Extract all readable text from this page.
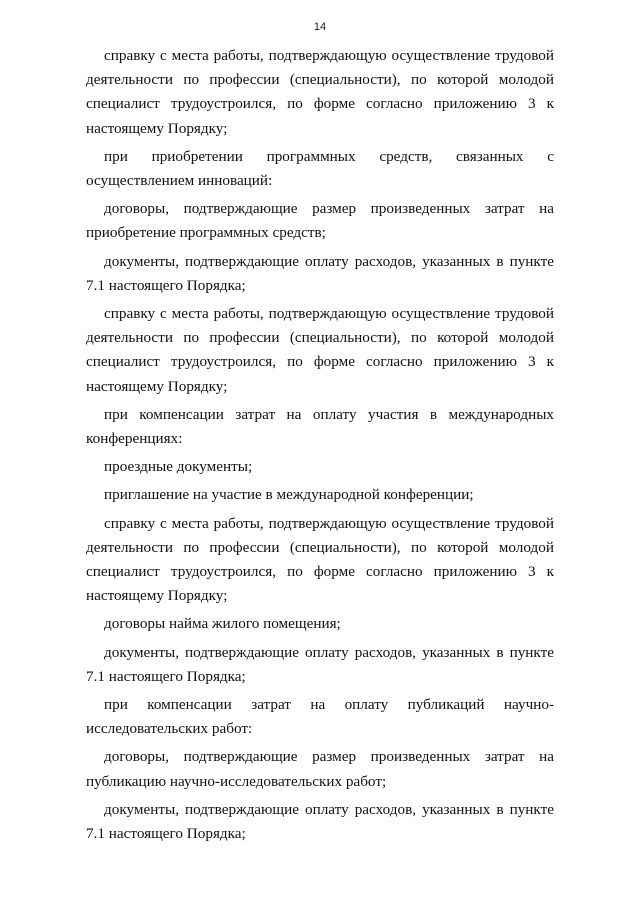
14

справку с места работы, подтверждающую осуществление трудовой деятельности по профессии (специальности), по которой молодой специалист трудоустроился, по форме согласно приложению 3 к настоящему Порядку;

при приобретении программных средств, связанных с осуществлением инноваций:

договоры, подтверждающие размер произведенных затрат на приобретение программных средств;

документы, подтверждающие оплату расходов, указанных в пункте 7.1 настоящего Порядка;

справку с места работы, подтверждающую осуществление трудовой деятельности по профессии (специальности), по которой молодой специалист трудоустроился, по форме согласно приложению 3 к настоящему Порядку;

при компенсации затрат на оплату участия в международных конференциях:

проездные документы;

приглашение на участие в международной конференции;

справку с места работы, подтверждающую осуществление трудовой деятельности по профессии (специальности), по которой молодой специалист трудоустроился, по форме согласно приложению 3 к настоящему Порядку;

договоры найма жилого помещения;

документы, подтверждающие оплату расходов, указанных в пункте 7.1 настоящего Порядка;

при компенсации затрат на оплату публикаций научно-исследовательских работ:

договоры, подтверждающие размер произведенных затрат на публикацию научно-исследовательских работ;

документы, подтверждающие оплату расходов, указанных в пункте 7.1 настоящего Порядка;
